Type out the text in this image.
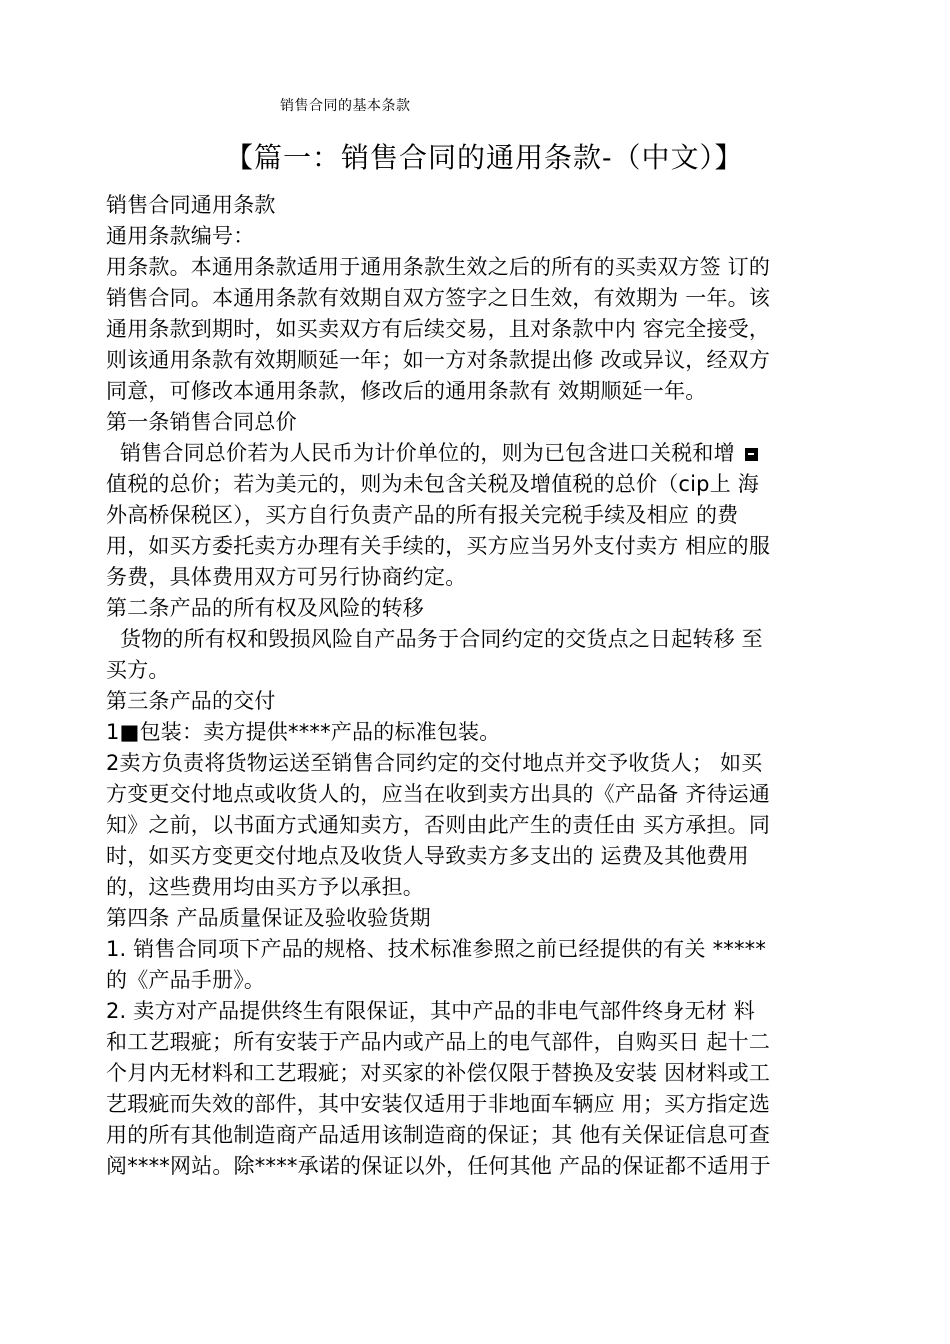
销售合同的基本条款
【篇一：销售合同的通用条款-（中文）】
销售合同通用条款
通用条款编号：

用条款。本通用条款适用于通用条款生效之后的所有的买卖双方签 订的
销售合同。本通用条款有效期自双方签字之日生效，有效期为 一年。该
通用条款到期时，如买卖双方有后续交易，且对条款中内 容完全接受，
则该通用条款有效期顺延一年；如一方对条款提出修 改或异议，经双方
同意，可修改本通用条款，修改后的通用条款有 效期顺延一年。

第一条销售合同总价

销售合同总价若为人民币为计价单位的，则为已包含进口关税和增
值税的总价；若为美元的，则为未包含关税及增值税的总价（cip上 海
外高桥保税区），买方自行负责产品的所有报关完税手续及相应 的费
用，如买方委托卖方办理有关手续的，买方应当另外支付卖方 相应的服
务费，具体费用双方可另行协商约定。

第二条产品的所有权及风险的转移

货物的所有权和毁损风险自产品务于合同约定的交货点之日起转移 至
买方。

第三条产品的交付
1■包装：卖方提供****产品的标准包装。

2卖方负责将货物运送至销售合同约定的交付地点并交予收货人； 如买
方变更交付地点或收货人的，应当在收到卖方出具的《产品备 齐待运通
知》之前，以书面方式通知卖方，否则由此产生的责任由 买方承担。同
时，如买方变更交付地点及收货人导致卖方多支出的 运费及其他费用
的，这些费用均由买方予以承担。

第四条 产品质量保证及验收验货期

1. 销售合同项下产品的规格、技术标准参照之前已经提供的有关 *****
的《产品手册》。

2. 卖方对产品提供终生有限保证，其中产品的非电气部件终身无材 料
和工艺瑕疵；所有安装于产品内或产品上的电气部件，自购买日 起十二
个月内无材料和工艺瑕疵；对买家的补偿仅限于替换及安装 因材料或工
艺瑕疵而失效的部件，其中安装仅适用于非地面车辆应 用；买方指定选
用的所有其他制造商产品适用该制造商的保证；其 他有关保证信息可查
阅****网站。除****承诺的保证以外，任何其他 产品的保证都不适用于
